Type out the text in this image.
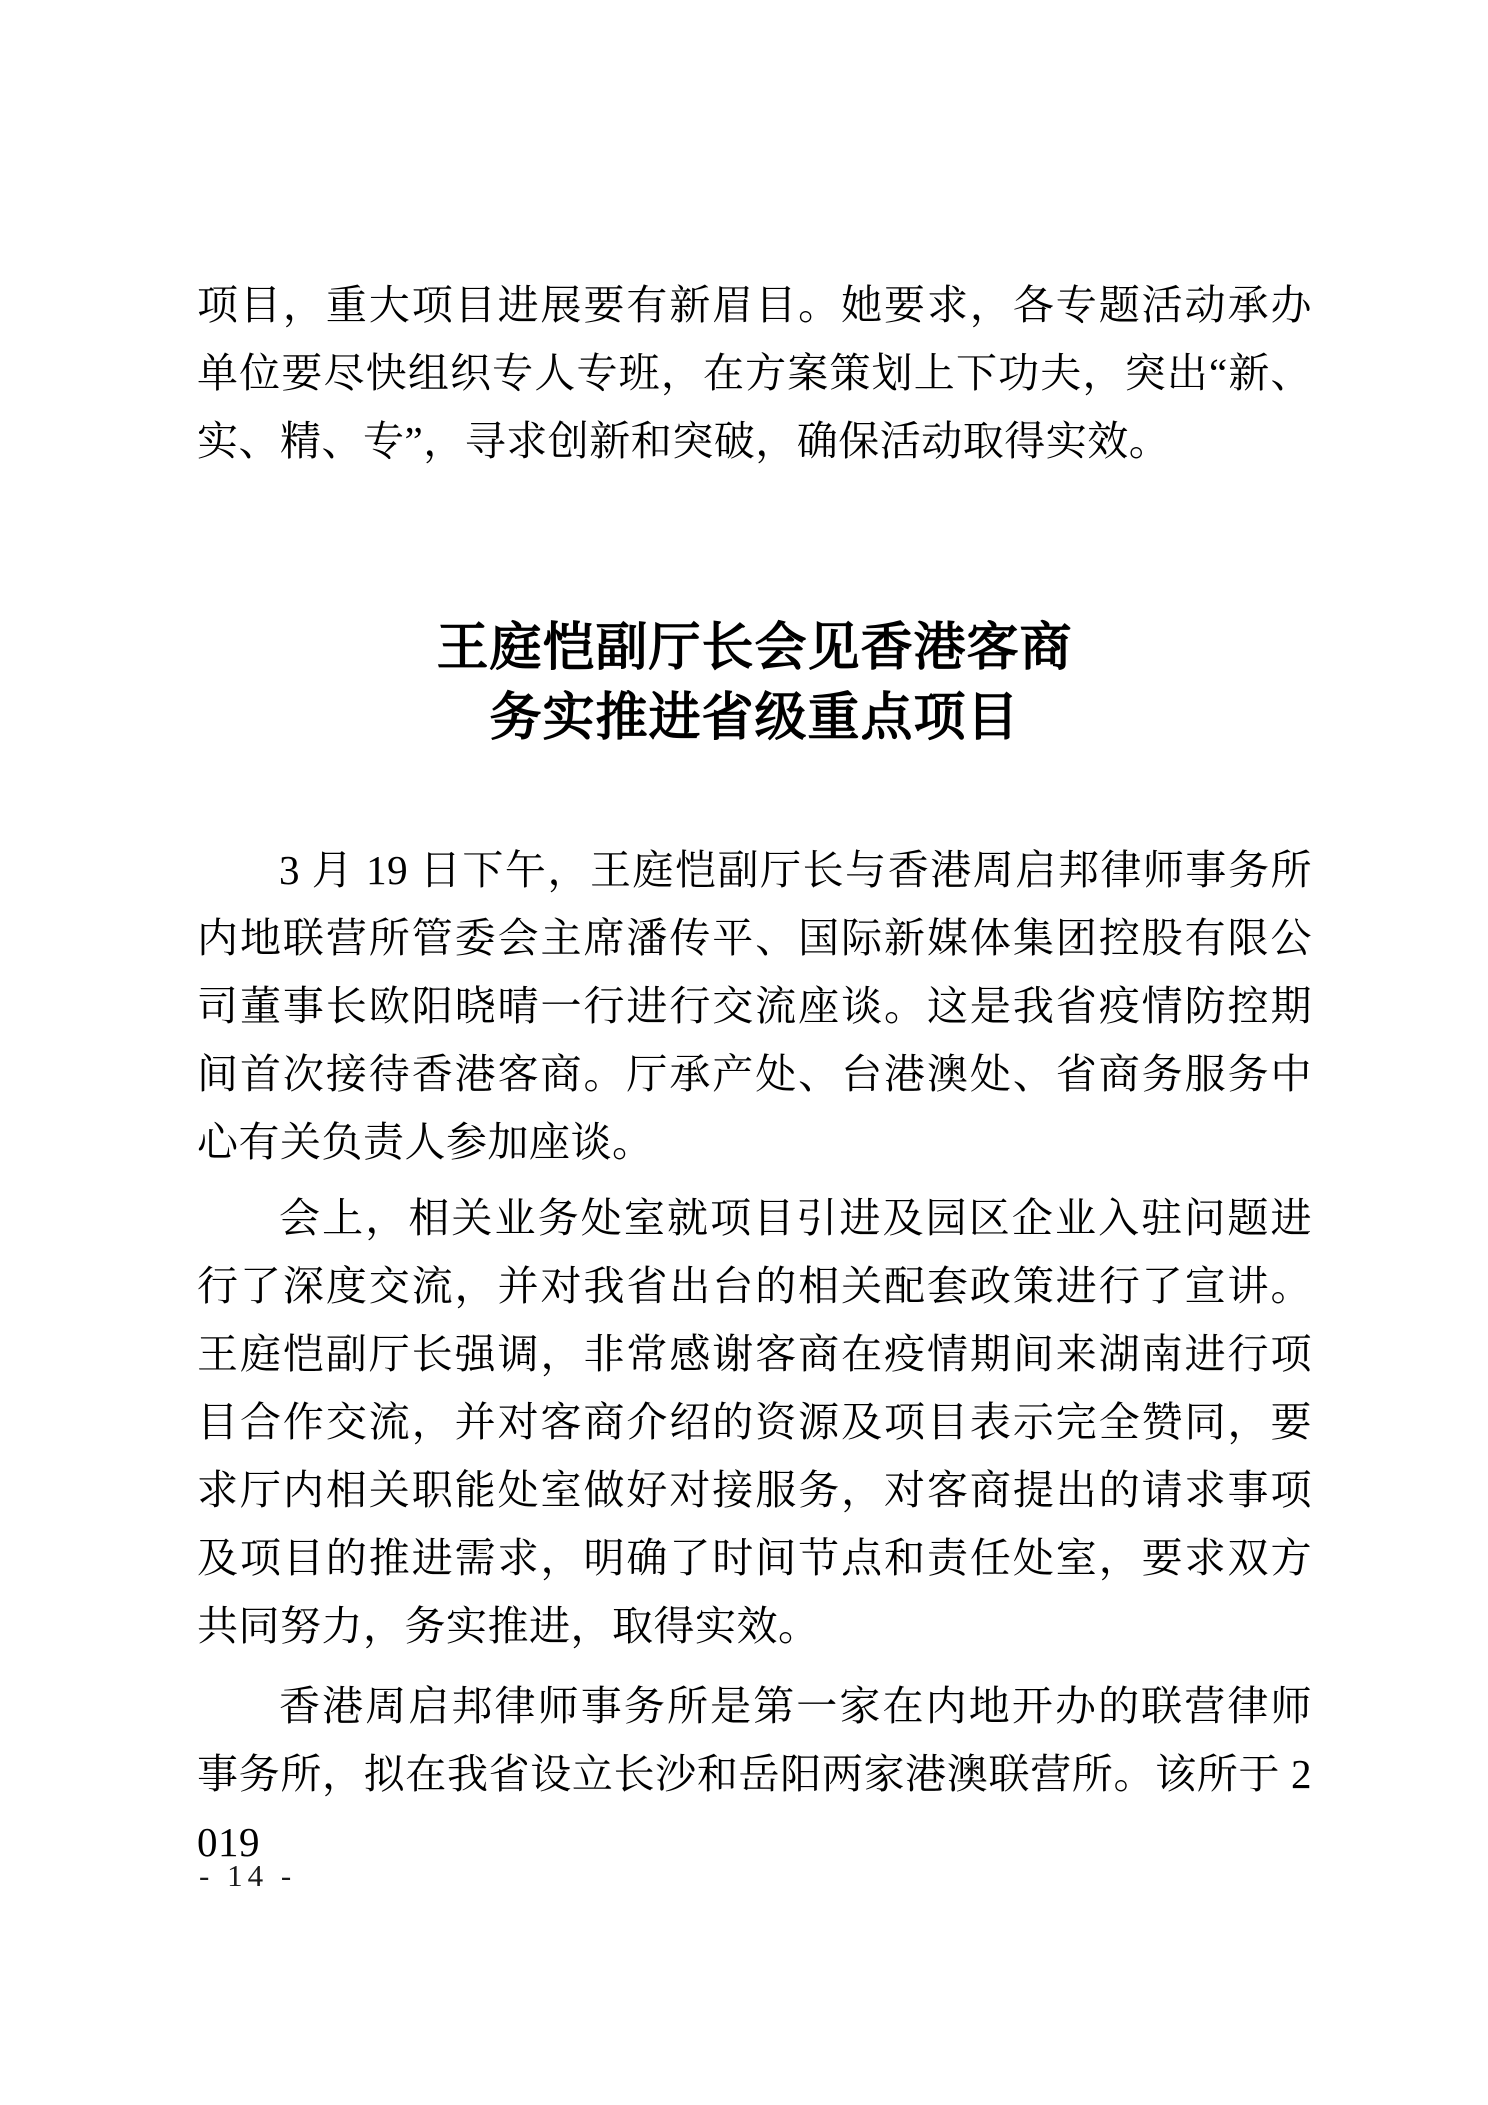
项目，重大项目进展要有新眉目。她要求，各专题活动承办单位要尽快组织专人专班，在方案策划上下功夫，突出“新、实、精、专”，寻求创新和突破，确保活动取得实效。

王庭恺副厅长会见香港客商
务实推进省级重点项目

3 月 19 日下午，王庭恺副厅长与香港周启邦律师事务所内地联营所管委会主席潘传平、国际新媒体集团控股有限公司董事长欧阳晓晴一行进行交流座谈。这是我省疫情防控期间首次接待香港客商。厅承产处、台港澳处、省商务服务中心有关负责人参加座谈。

会上，相关业务处室就项目引进及园区企业入驻问题进行了深度交流，并对我省出台的相关配套政策进行了宣讲。王庭恺副厅长强调，非常感谢客商在疫情期间来湖南进行项目合作交流，并对客商介绍的资源及项目表示完全赞同，要求厅内相关职能处室做好对接服务，对客商提出的请求事项及项目的推进需求，明确了时间节点和责任处室，要求双方共同努力，务实推进，取得实效。

香港周启邦律师事务所是第一家在内地开办的联营律师事务所，拟在我省设立长沙和岳阳两家港澳联营所。该所于 2019

- 14 -
